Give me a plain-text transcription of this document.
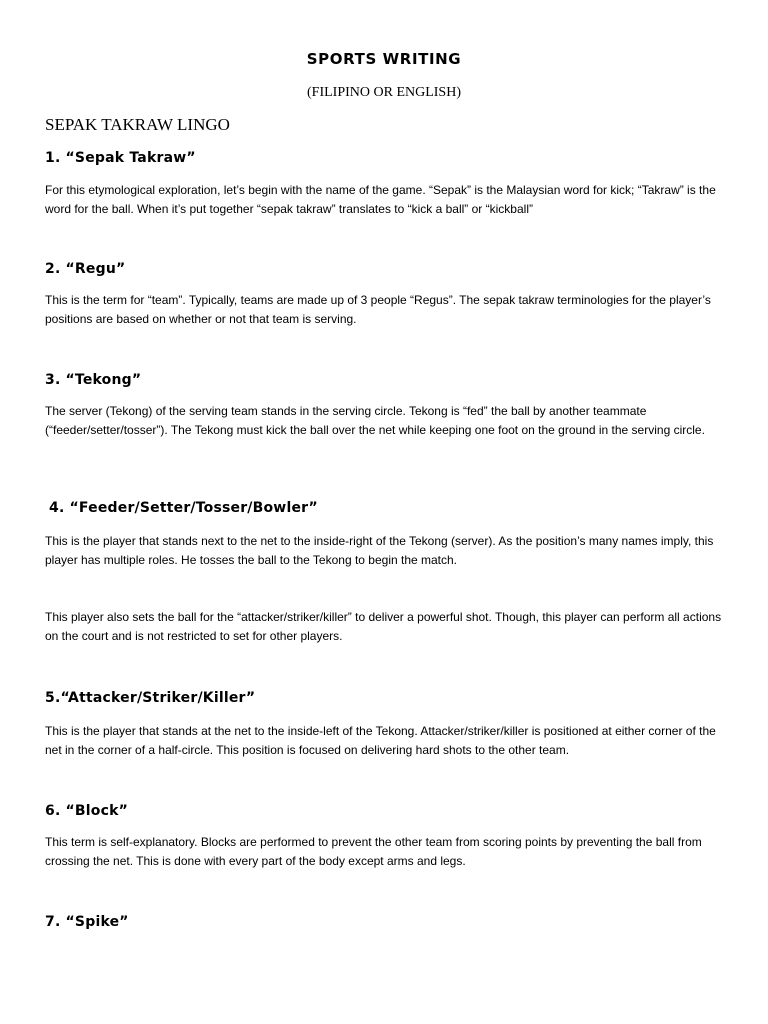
SPORTS WRITING
(FILIPINO OR ENGLISH)
SEPAK TAKRAW LINGO
1. “Sepak Takraw”
For this etymological exploration, let’s begin with the name of the game. “Sepak” is the Malaysian word for kick; “Takraw” is the word for the ball. When it’s put together “sepak takraw” translates to “kick a ball” or “kickball”
2. “Regu”
This is the term for “team”. Typically, teams are made up of 3 people “Regus”. The sepak takraw terminologies for the player’s positions are based on whether or not that team is serving.
3. “Tekong”
The server (Tekong) of the serving team stands in the serving circle. Tekong is “fed” the ball by another teammate (“feeder/setter/tosser”). The Tekong must kick the ball over the net while keeping one foot on the ground in the serving circle.
4. “Feeder/Setter/Tosser/Bowler”
This is the player that stands next to the net to the inside-right of the Tekong (server). As the position’s many names imply, this player has multiple roles. He tosses the ball to the Tekong to begin the match.
This player also sets the ball for the “attacker/striker/killer” to deliver a powerful shot. Though, this player can perform all actions on the court and is not restricted to set for other players.
5.“Attacker/Striker/Killer”
This is the player that stands at the net to the inside-left of the Tekong. Attacker/striker/killer is positioned at either corner of the net in the corner of a half-circle. This position is focused on delivering hard shots to the other team.
6. “Block”
This term is self-explanatory. Blocks are performed to prevent the other team from scoring points by preventing the ball from crossing the net. This is done with every part of the body except arms and legs.
7. “Spike”
